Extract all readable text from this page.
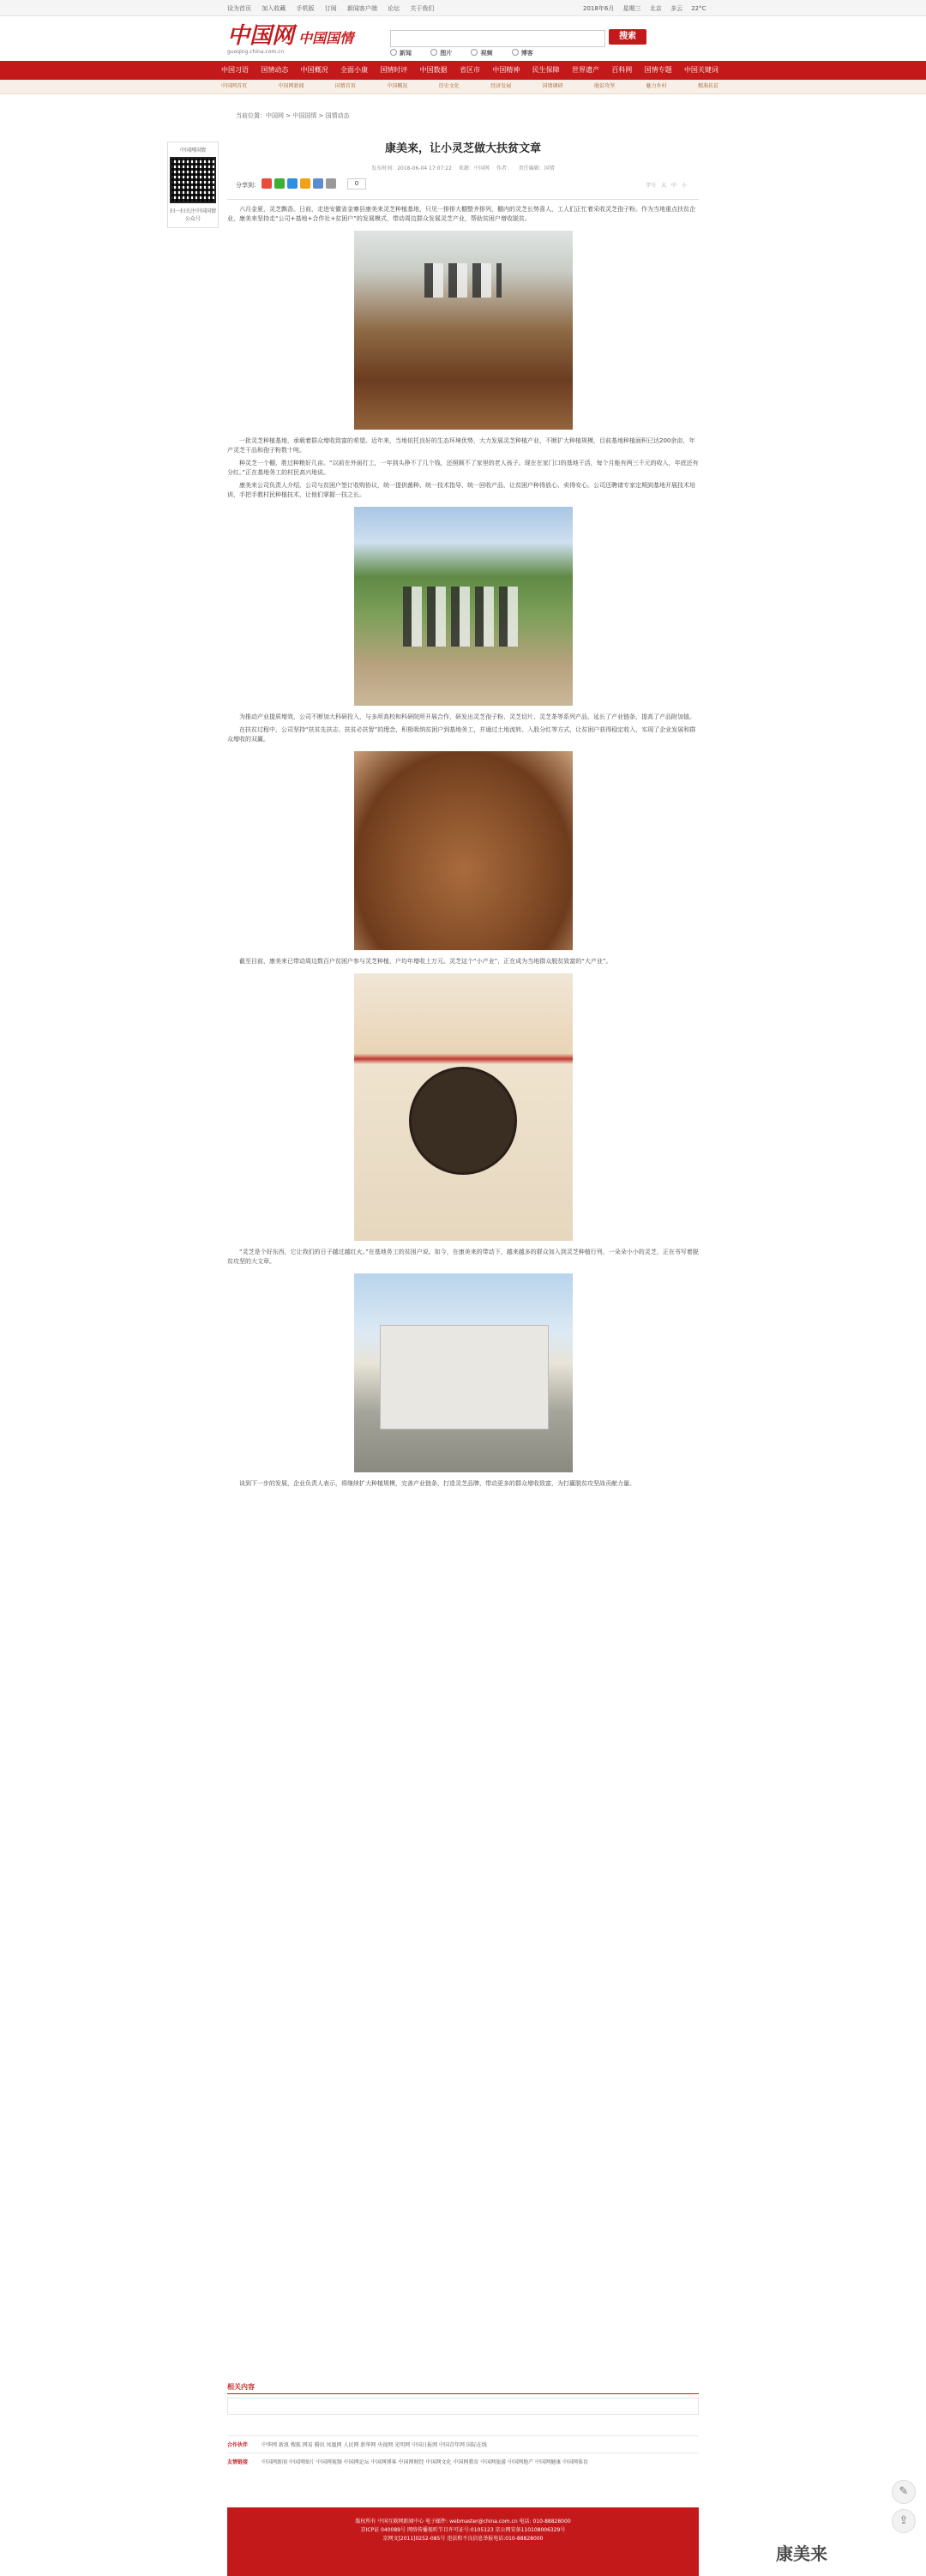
设为首页 加入收藏 手机版 订阅 新闻客户端 论坛 关于我们	2018年6月 星期三 北京 多云 22°C
中国网 中国国情
guoqing.china.com.cn
搜索
新闻	图片	视频	博客
中国习语 国情动态 中国概况 全面小康 国情时评 中国数据 省区市 中国精神 民生保障 世界遗产 百科网 国情专题 中国关键词
中国网首页	中国网新闻	国情首页	中国概况	历史文化	经济发展	国情调研	脱贫攻坚	魅力乡村	精准扶贫
当前位置：中国网 > 中国国情 > 国情动态
中国网国情
扫一扫关注中国国情公众号
康美来，让小灵芝做大扶贫文章
发布时间：2018-06-04 17:07:22 来源：中国网 作者： 责任编辑：国情
分享到：	0	字号 大 中 小

六月金夏，灵芝飘香。日前，走进安徽省金寨县康美来灵芝种植基地，只见一排排大棚整齐排列，棚内的灵芝长势喜人，工人们正忙着采收灵芝孢子粉。作为当地重点扶贫企业，康美来坚持走“公司+基地+合作社+贫困户”的发展模式，带动周边群众发展灵芝产业，帮助贫困户增收脱贫。

一批灵芝种植基地，承载着群众增收致富的希望。近年来，当地依托良好的生态环境优势，大力发展灵芝种植产业，不断扩大种植规模，目前基地种植面积已达200余亩，年产灵芝干品和孢子粉数十吨。

种灵芝一个棚，胜过种粮好几亩。“以前在外面打工，一年到头挣不了几个钱，还照顾不了家里的老人孩子。现在在家门口的基地干活，每个月能有两三千元的收入，年底还有分红。”正在基地务工的村民高兴地说。

康美来公司负责人介绍，公司与贫困户签订收购协议，统一提供菌种、统一技术指导、统一回收产品，让贫困户种得放心、卖得安心。公司还聘请专家定期到基地开展技术培训，手把手教村民种植技术，让他们掌握一技之长。

为推动产业提质增效，公司不断加大科研投入，与多所高校和科研院所开展合作，研发出灵芝孢子粉、灵芝切片、灵芝茶等系列产品，延长了产业链条，提高了产品附加值。

在扶贫过程中，公司坚持“扶贫先扶志、扶贫必扶智”的理念，积极吸纳贫困户到基地务工，并通过土地流转、入股分红等方式，让贫困户获得稳定收入，实现了企业发展和群众增收的双赢。

截至目前，康美来已带动周边数百户贫困户参与灵芝种植，户均年增收上万元。灵芝这个“小产业”，正在成为当地群众脱贫致富的“大产业”。

“灵芝是个好东西，它让我们的日子越过越红火。”在基地务工的贫困户说。如今，在康美来的带动下，越来越多的群众加入到灵芝种植行列，一朵朵小小的灵芝，正在书写着脱贫攻坚的大文章。

谈到下一步的发展，企业负责人表示，将继续扩大种植规模，完善产业链条，打造灵芝品牌，带动更多的群众增收致富，为打赢脱贫攻坚战贡献力量。

相关内容
合作伙伴	中华网 新浪 搜狐 网易 腾讯 凤凰网 人民网 新华网 央视网 光明网 中国日报网 中国青年网 国际在线
友情链接	中国网新闻 中国网图片 中国网视频 中国网论坛 中国网博客 中国网财经 中国网文化 中国网教育 中国网旅游 中国网地产 中国网健康 中国网体育
版权所有 中国互联网新闻中心 电子邮件: webmaster@china.com.cn 电话: 010-88828000
京ICP证 040089号 网络传播视听节目许可证号:0105123 京公网安备110108006329号
京网文[2011]0252-085号 违法和不良信息举报电话:010-88828000
✎
⇪
康美来
